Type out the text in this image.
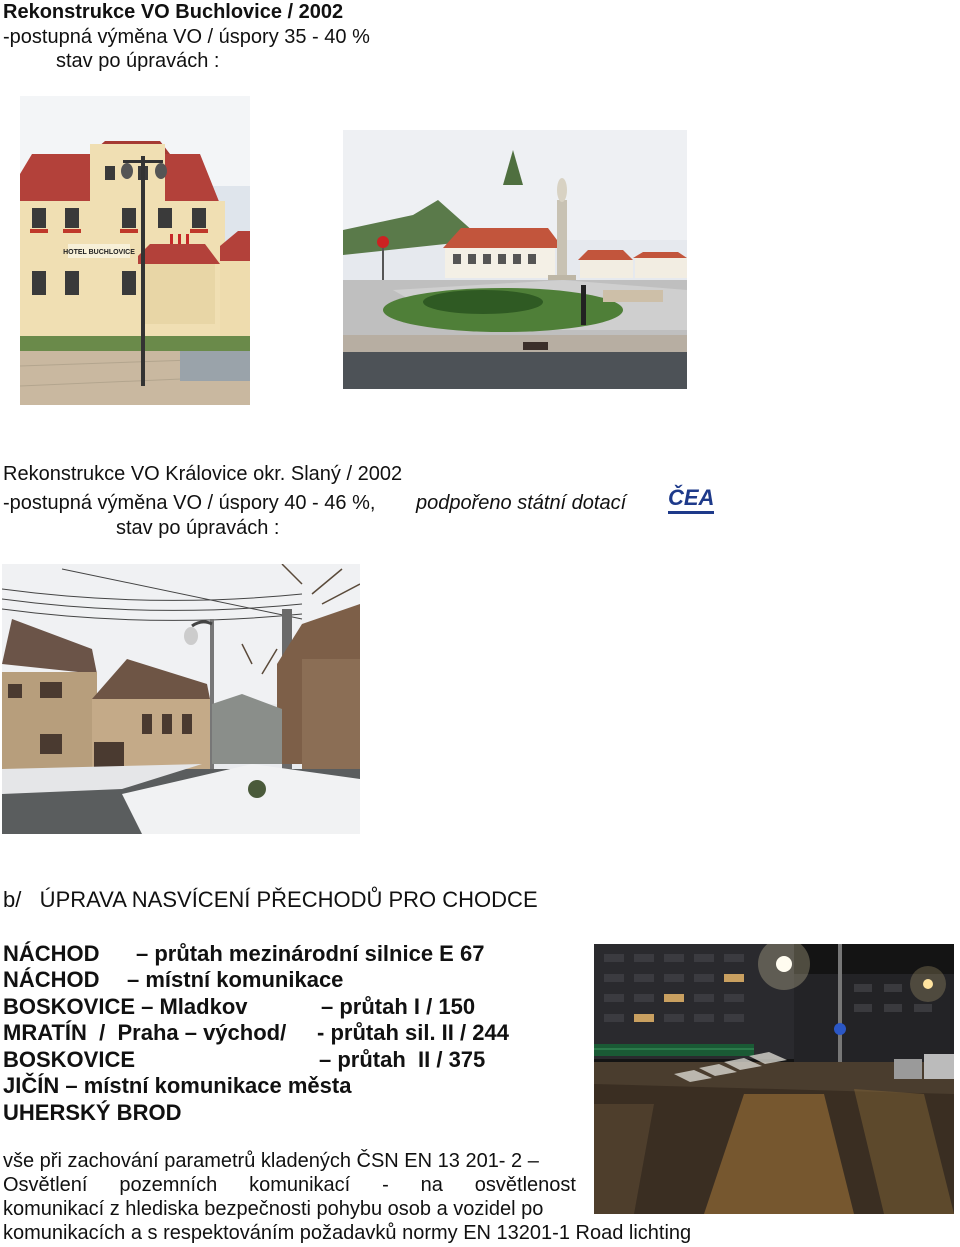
Rekonstrukce VO Buchlovice / 2002
-postupná výměna VO / úspory 35 - 40 %
stav po úpravách :
HOTEL BUCHLOVICE
Rekonstrukce VO Královice okr. Slaný / 2002
-postupná výměna VO / úspory 40 - 46 %, podpořeno státní dotací ČEA
stav po úpravách :
b/   ÚPRAVA NASVÍCENÍ PŘECHODŮ PRO CHODCE
NÁCHOD – průtah mezinárodní silnice E 67
NÁCHOD – místní komunikace
BOSKOVICE – Mladkov	– průtah I / 150
MRATÍN  /  Praha – východ/ - průtah sil. II / 244
BOSKOVICE	– průtah  II / 375
JIČÍN – místní komunikace města
UHERSKÝ BROD
vše při zachování parametrů kladených ČSN EN 13 201- 2 –
Osvětlení pozemních komunikací - na osvětlenost
komunikací z hlediska bezpečnosti pohybu osob a vozidel po
komunikacích a s respektováním požadavků normy EN 13201-1 Road lichting
